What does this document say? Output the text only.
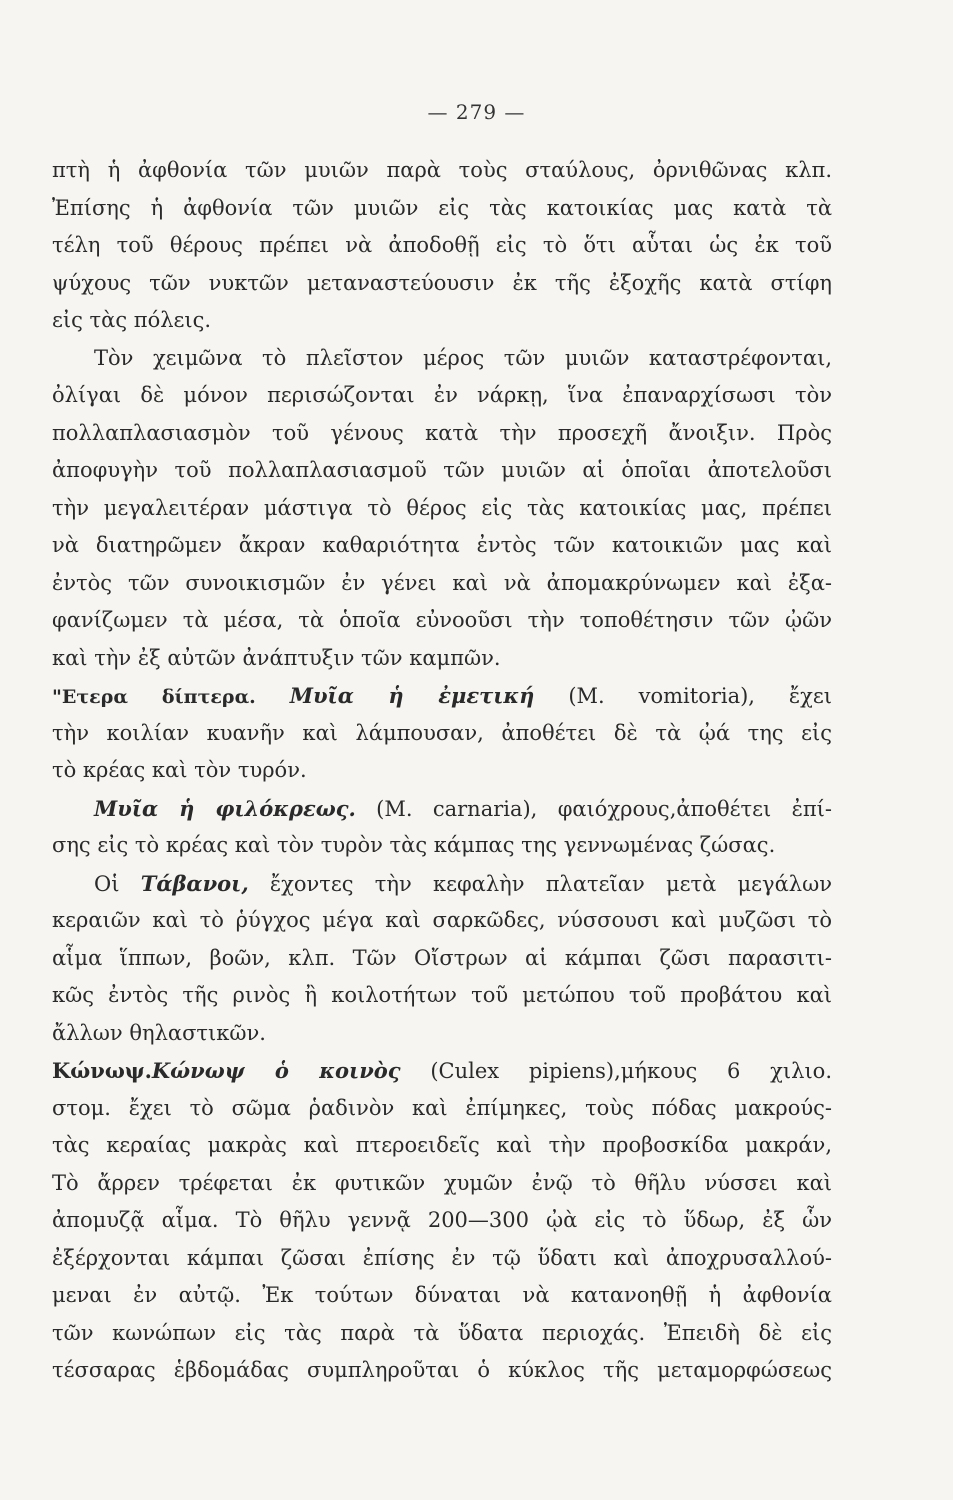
— 279 —
πτὴ ἡ ἀφθονία τῶν μυιῶν παρὰ τοὺς σταύλους, ὀρνιθῶνας κλπ.
Ἐπίσης ἡ ἀφθονία τῶν μυιῶν εἰς τὰς κατοικίας μας κατὰ τὰ
τέλη τοῦ θέρους πρέπει νὰ ἀποδοθῇ εἰς τὸ ὅτι αὗται ὡς ἐκ τοῦ
ψύχους τῶν νυκτῶν μεταναστεύουσιν ἐκ τῆς ἐξοχῆς κατὰ στίφη
εἰς τὰς πόλεις.
Τὸν χειμῶνα τὸ πλεῖστον μέρος τῶν μυιῶν καταστρέφονται,
ὀλίγαι δὲ μόνον περισώζονται ἐν νάρκῃ, ἵνα ἐπαναρχίσωσι τὸν
πολλαπλασιασμὸν τοῦ γένους κατὰ τὴν προσεχῆ ἄνοιξιν. Πρὸς
ἀποφυγὴν τοῦ πολλαπλασιασμοῦ τῶν μυιῶν αἱ ὁποῖαι ἀποτελοῦσι
τὴν μεγαλειτέραν μάστιγα τὸ θέρος εἰς τὰς κατοικίας μας, πρέπει
νὰ διατηρῶμεν ἄκραν καθαριότητα ἐντὸς τῶν κατοικιῶν μας καὶ
ἐντὸς τῶν συνοικισμῶν ἐν γένει καὶ νὰ ἀπομακρύνωμεν καὶ ἐξα-
φανίζωμεν τὰ μέσα, τὰ ὁποῖα εὐνοοῦσι τὴν τοποθέτησιν τῶν ᾠῶν
καὶ τὴν ἐξ αὐτῶν ἀνάπτυξιν τῶν καμπῶν.
"Ετερα δίπτερα. Μυῖα ἡ ἐμετική (M. vomitoria), ἔχει
τὴν κοιλίαν κυανῆν καὶ λάμπουσαν, ἀποθέτει δὲ τὰ ᾠά της εἰς
τὸ κρέας καὶ τὸν τυρόν.
Μυῖα ἡ φιλόκρεως. (M. carnaria), φαιόχρους,ἀποθέτει ἐπί-
σης εἰς τὸ κρέας καὶ τὸν τυρὸν τὰς κάμπας της γεννωμένας ζώσας.
Οἱ Τάβανοι, ἔχοντες τὴν κεφαλὴν πλατεῖαν μετὰ μεγάλων
κεραιῶν καὶ τὸ ῥύγχος μέγα καὶ σαρκῶδες, νύσσουσι καὶ μυζῶσι τὸ
αἷμα ἵππων, βοῶν, κλπ. Τῶν Οἴστρων αἱ κάμπαι ζῶσι παρασιτι-
κῶς ἐντὸς τῆς ρινὸς ἢ κοιλοτήτων τοῦ μετώπου τοῦ προβάτου καὶ
ἄλλων θηλαστικῶν.
Κώνωψ.Κώνωψ ὁ κοινὸς (Culex pipiens),μήκους 6 χιλιο.
στομ. ἔχει τὸ σῶμα ῥαδινὸν καὶ ἐπίμηκες, τοὺς πόδας μακρούς-
τὰς κεραίας μακρὰς καὶ πτεροειδεῖς καὶ τὴν προβοσκίδα μακράν,
Τὸ ἄρρεν τρέφεται ἐκ φυτικῶν χυμῶν ἐνῷ τὸ θῆλυ νύσσει καὶ
ἀπομυζᾷ αἷμα. Τὸ θῆλυ γεννᾷ 200—300 ᾠὰ εἰς τὸ ὕδωρ, ἐξ ὧν
ἐξέρχονται κάμπαι ζῶσαι ἐπίσης ἐν τῷ ὕδατι καὶ ἀποχρυσαλλού-
μεναι ἐν αὐτῷ. Ἐκ τούτων δύναται νὰ κατανοηθῇ ἡ ἀφθονία
τῶν κωνώπων εἰς τὰς παρὰ τὰ ὕδατα περιοχάς. Ἐπειδὴ δὲ εἰς
τέσσαρας ἑβδομάδας συμπληροῦται ὁ κύκλος τῆς μεταμορφώσεως
